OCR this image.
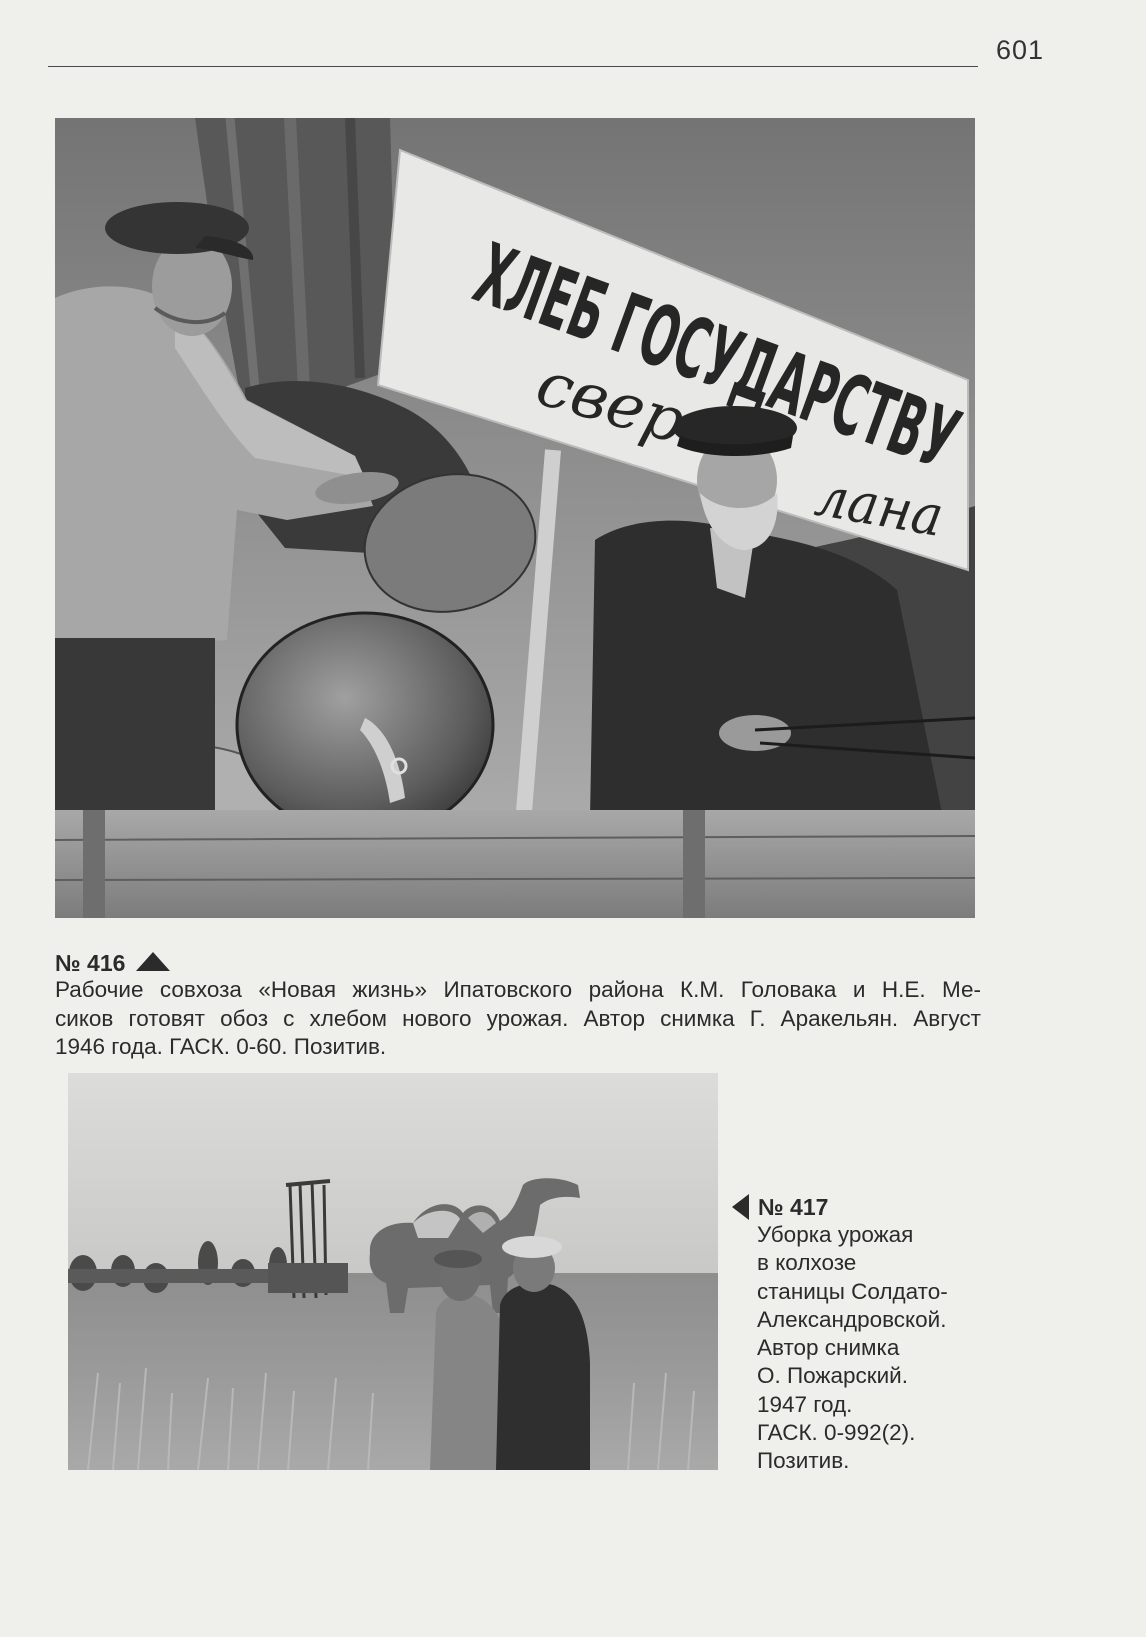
601
свер
лана
№ 416
Рабочие совхоза «Новая жизнь» Ипатовского района К.М. Головака и Н.Е. Ме-
сиков готовят обоз с хлебом нового урожая. Автор снимка Г. Аракельян. Август
1946 года. ГАСК. 0-60. Позитив.
№ 417
Уборка урожая
в колхозе
станицы Солдато-
Александровской.
Автор снимка
О. Пожарский.
1947 год.
ГАСК. 0-992(2).
Позитив.
